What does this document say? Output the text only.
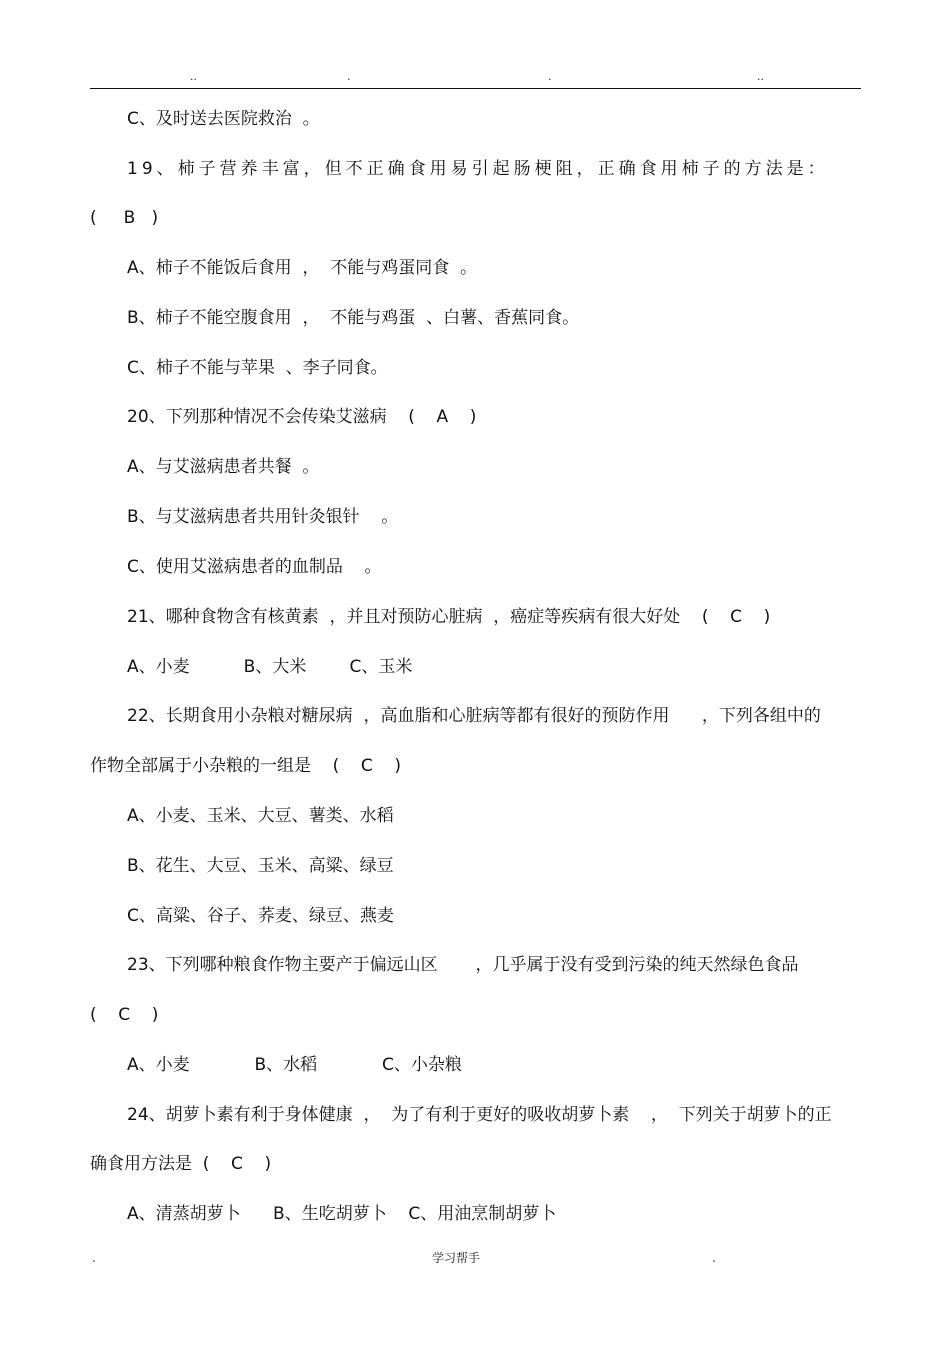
..	.	.	..
C、及时送去医院救治  。
19、柿子营养丰富，但不正确食用易引起肠梗阻，正确食用柿子的方法是：
(     B   )
A、柿子不能饭后食用  ，  不能与鸡蛋同食  。
B、柿子不能空腹食用  ，  不能与鸡蛋  、白薯、香蕉同食。
C、柿子不能与苹果  、李子同食。
20、下列那种情况不会传染艾滋病    (    A    )
A、与艾滋病患者共餐  。
B、与艾滋病患者共用针灸银针    。
C、使用艾滋病患者的血制品    。
21、哪种食物含有核黄素  ，并且对预防心脏病  ，癌症等疾病有很大好处    (    C    )
A、小麦          B、大米        C、玉米
22、长期食用小杂粮对糖尿病  ，高血脂和心脏病等都有很好的预防作用      ，下列各组中的
作物全部属于小杂粮的一组是    (    C    )
A、小麦、玉米、大豆、薯类、水稻
B、花生、大豆、玉米、高粱、绿豆
C、高粱、谷子、荞麦、绿豆、燕麦
23、下列哪种粮食作物主要产于偏远山区       ，几乎属于没有受到污染的纯天然绿色食品
(    C    )
A、小麦            B、水稻            C、小杂粮
24、胡萝卜素有利于身体健康  ，  为了有利于更好的吸收胡萝卜素    ，  下列关于胡萝卜的正
确食用方法是  (    C    )
A、清蒸胡萝卜      B、生吃胡萝卜    C、用油烹制胡萝卜
.	学习帮手	.
